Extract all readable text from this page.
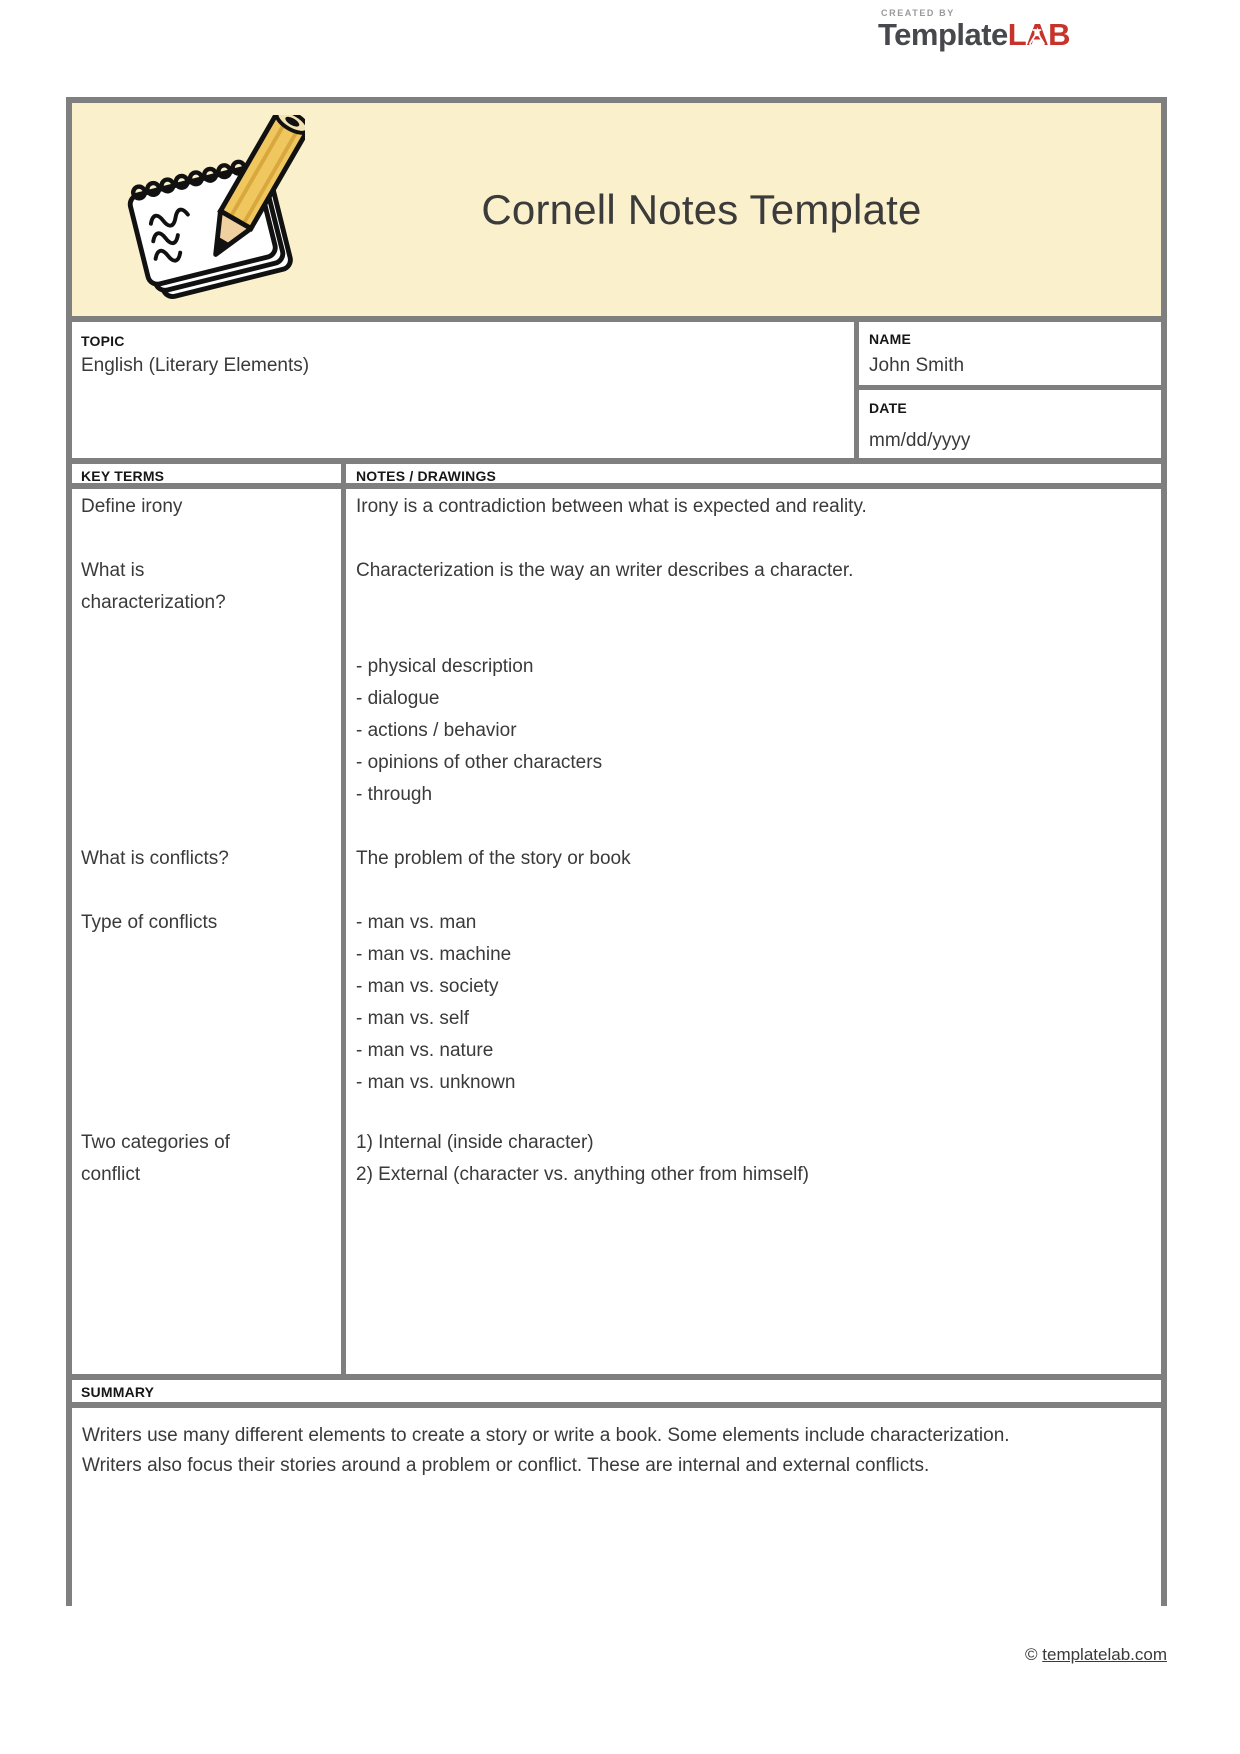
CREATED BY
TemplateLAB
Cornell Notes Template
TOPIC
English (Literary Elements)
NAME
John Smith
DATE
mm/dd/yyyy
KEY TERMS	NOTES / DRAWINGS
Define irony
What is characterization?
What is conflicts?
Type of conflicts
Two categories of conflict
Irony is a contradiction between what is expected and reality.
Characterization is the way an writer describes a character.
- physical description
- dialogue
- actions / behavior
- opinions of other characters
- through
The problem of the story or book
- man vs. man
- man vs. machine
- man vs. society
- man vs. self
- man vs. nature
- man vs. unknown
1) Internal (inside character)
2) External (character vs. anything other from himself)
SUMMARY
Writers use many different elements to create a story or write a book. Some elements include characterization. Writers also focus their stories around a problem or conflict. These are internal and external conflicts.
© templatelab.com
